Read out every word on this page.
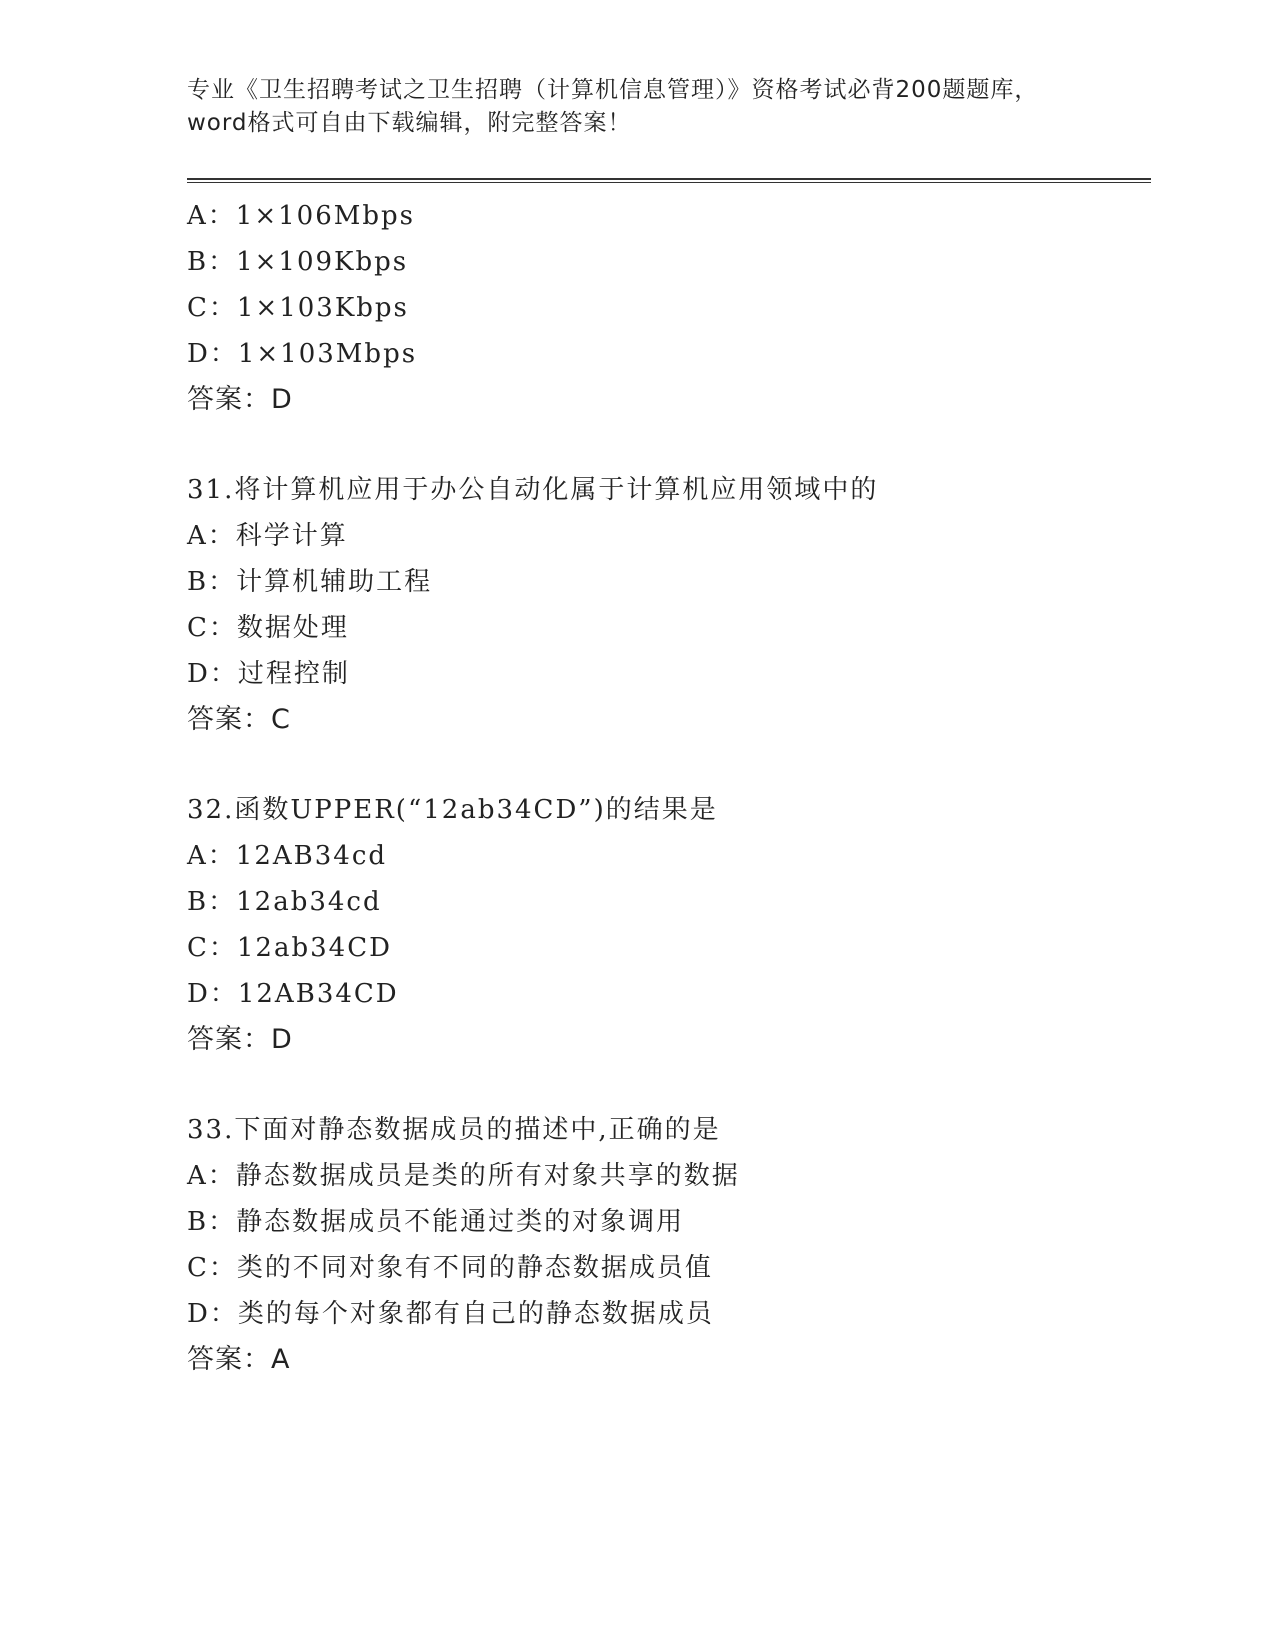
专业《卫生招聘考试之卫生招聘（计算机信息管理）》资格考试必背200题题库，
word格式可自由下载编辑，附完整答案！
A：1×106Mbps
B：1×109Kbps
C：1×103Kbps
D：1×103Mbps
答案：D
31.将计算机应用于办公自动化属于计算机应用领域中的
A：科学计算
B：计算机辅助工程
C：数据处理
D：过程控制
答案：C
32.函数UPPER(“12ab34CD”)的结果是
A：12AB34cd
B：12ab34cd
C：12ab34CD
D：12AB34CD
答案：D
33.下面对静态数据成员的描述中,正确的是
A：静态数据成员是类的所有对象共享的数据
B：静态数据成员不能通过类的对象调用
C：类的不同对象有不同的静态数据成员值
D：类的每个对象都有自己的静态数据成员
答案：A
